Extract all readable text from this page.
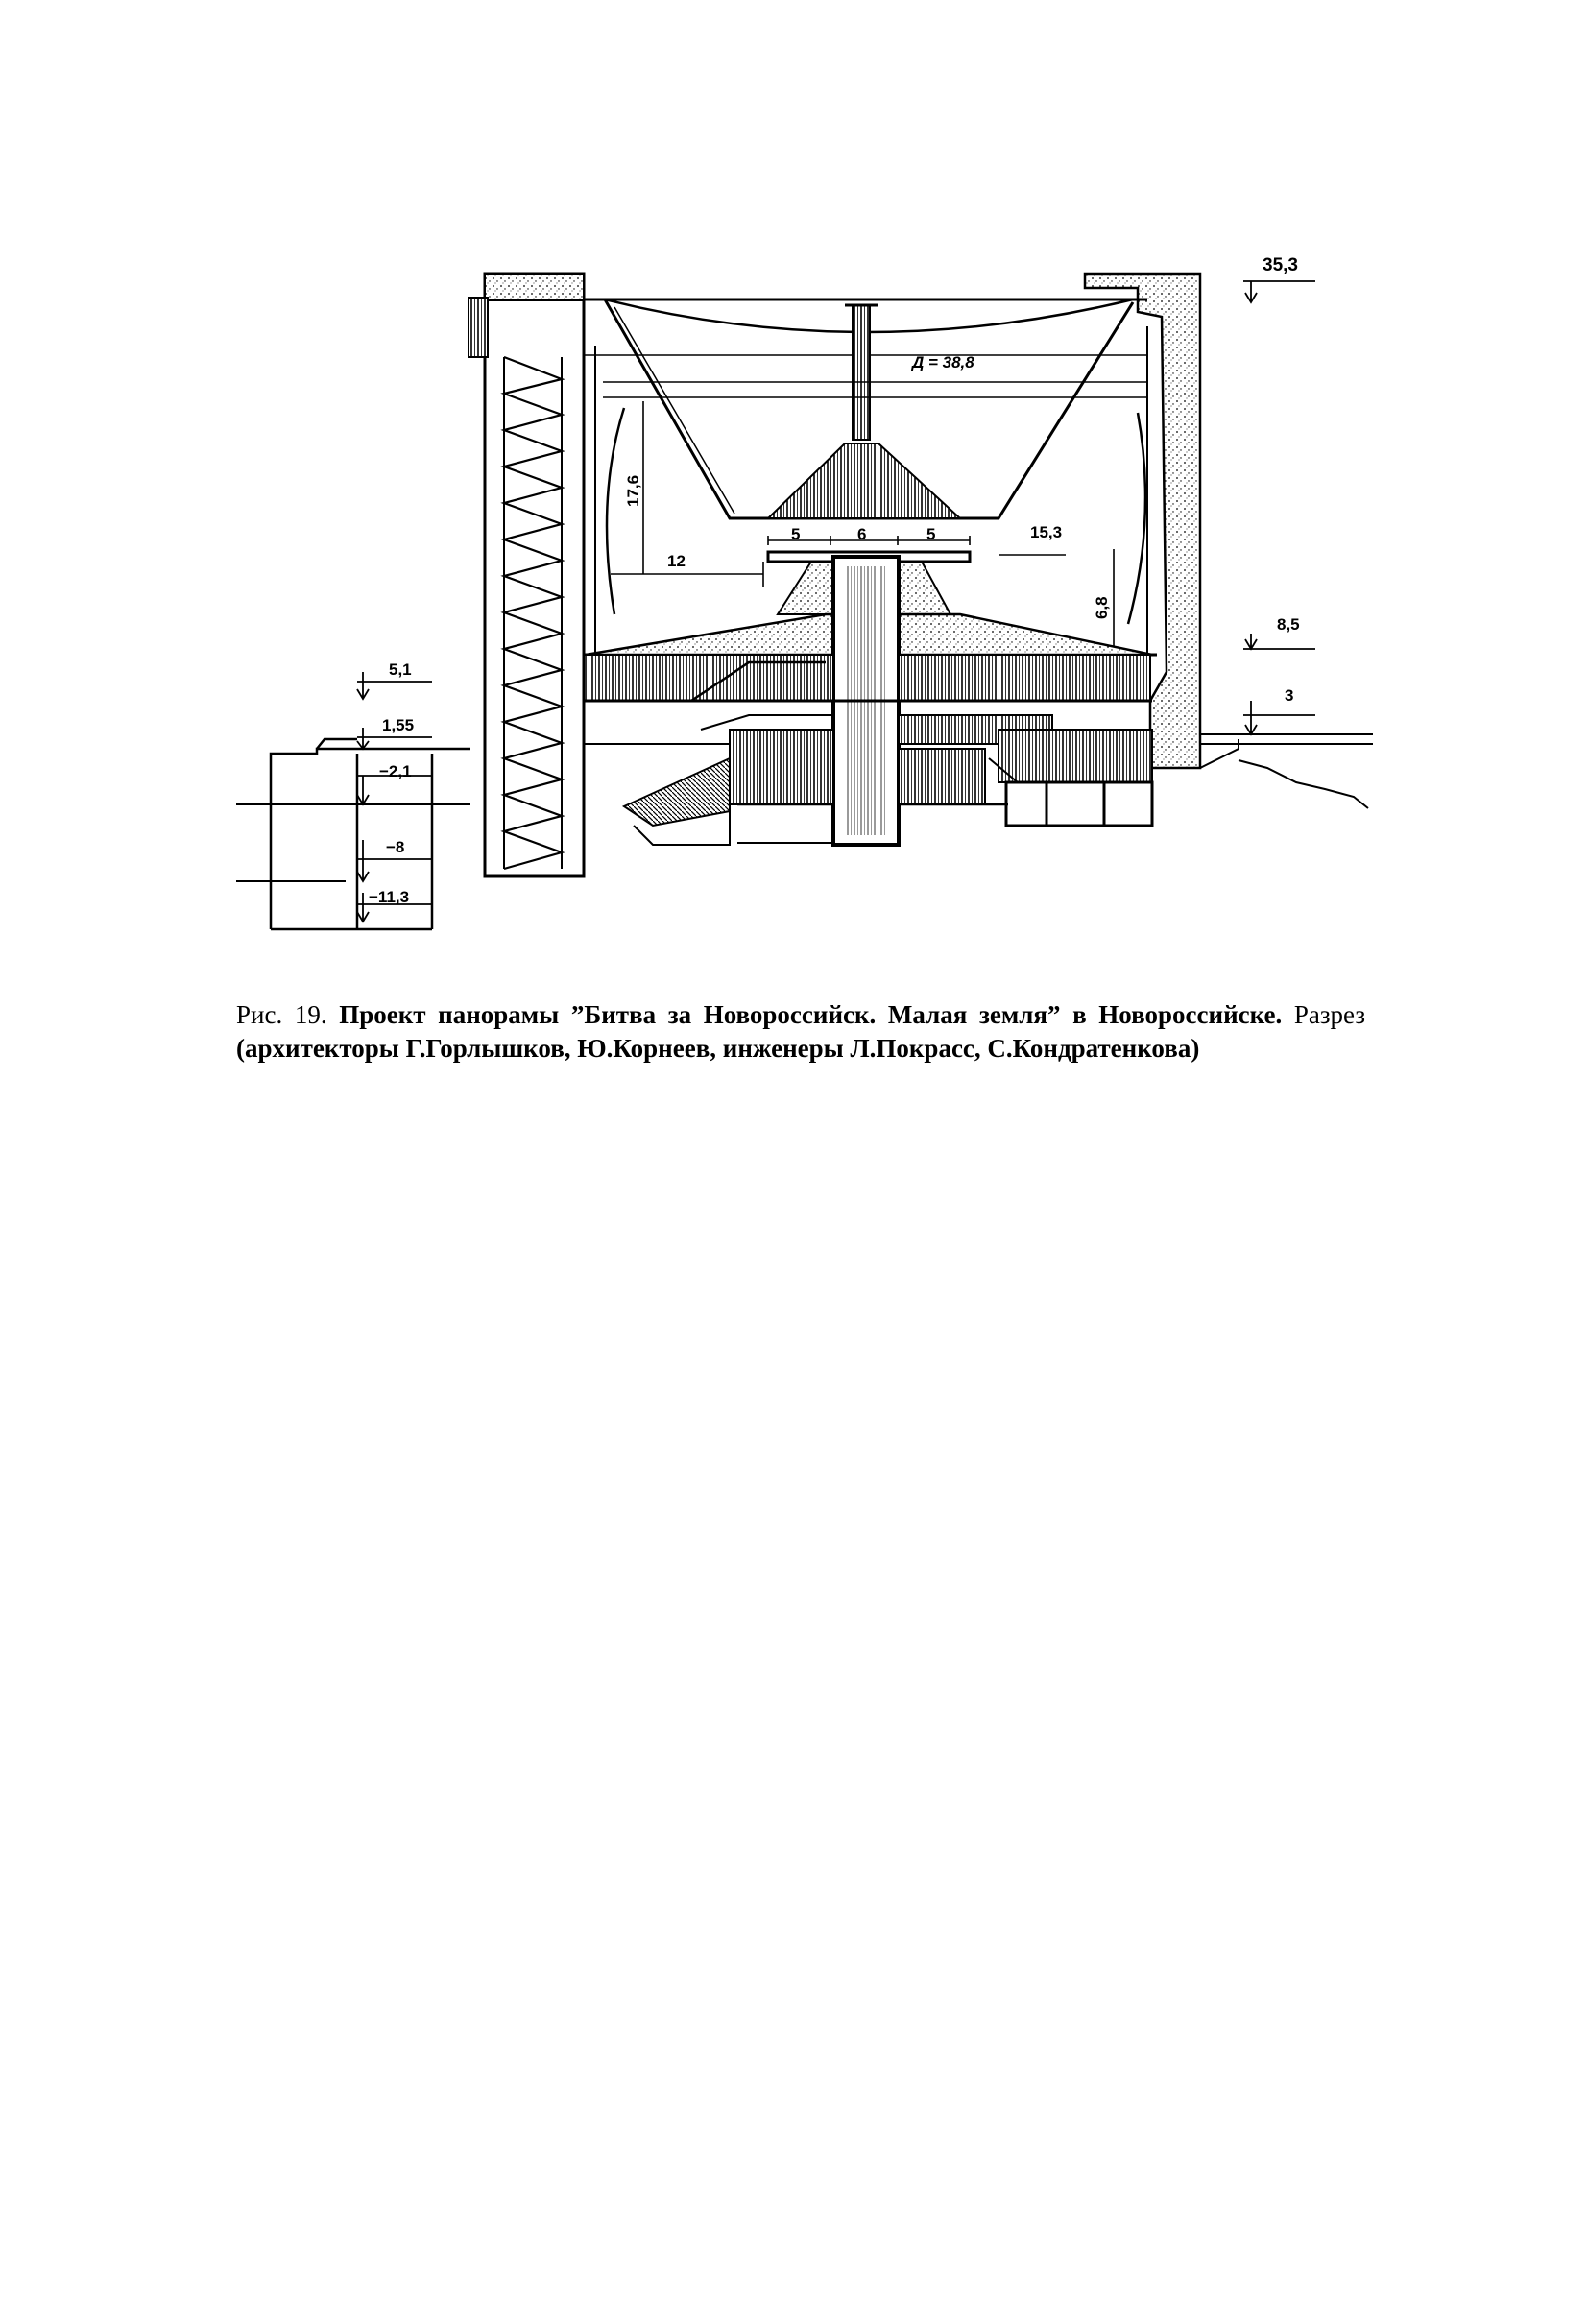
35,3
Д = 38,8
17,6
5	6	5	15,3
12
6,8
8,5
3
5,1
1,55
−2,1
−8
−11,3
Рис. 19. Проект панорамы ”Битва за Новороссийск. Малая земля” в Новороссийске. Разрез (архитекторы Г.Горлышков, Ю.Корнеев, инженеры Л.Покрасс, С.Кондратенкова)
